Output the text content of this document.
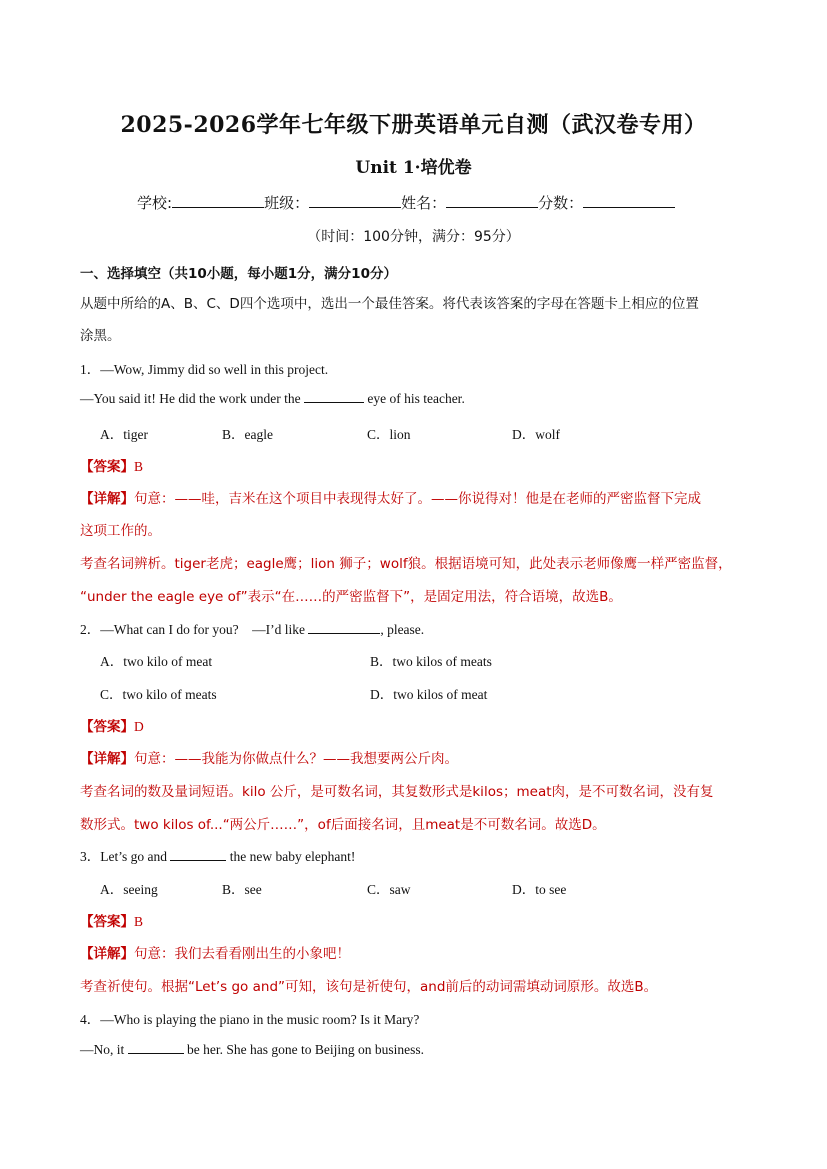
2025-2026学年七年级下册英语单元自测（武汉卷专用）
Unit 1·培优卷
学校:	班级：	姓名：	分数：
（时间：100分钟，满分：95分）
一、选择填空（共10小题，每小题1分，满分10分）
从题中所给的A、B、C、D四个选项中，选出一个最佳答案。将代表该答案的字母在答题卡上相应的位置
涂黑。
1．—Wow, Jimmy did so well in this project.
—You said it! He did the work under the	eye of his teacher.
A．tiger	B．eagle	C．lion	D．wolf
【答案】B
【详解】句意：——哇，吉米在这个项目中表现得太好了。——你说得对！他是在老师的严密监督下完成
这项工作的。
考查名词辨析。tiger老虎；eagle鹰；lion 狮子；wolf狼。根据语境可知，此处表示老师像鹰一样严密监督，
“under the eagle eye of”表示“在……的严密监督下”，是固定用法，符合语境，故选B。
2．—What can I do for you?　—I’d like	, please.
A．two kilo of meat	B．two kilos of meats
C．two kilo of meats	D．two kilos of meat
【答案】D
【详解】句意：——我能为你做点什么？——我想要两公斤肉。
考查名词的数及量词短语。kilo 公斤，是可数名词，其复数形式是kilos；meat肉，是不可数名词，没有复
数形式。two kilos of...“两公斤……”，of后面接名词，且meat是不可数名词。故选D。
3．Let’s go and	the new baby elephant!
A．seeing	B．see	C．saw	D．to see
【答案】B
【详解】句意：我们去看看刚出生的小象吧！
考查祈使句。根据“Let’s go and”可知，该句是祈使句，and前后的动词需填动词原形。故选B。
4．—Who is playing the piano in the music room? Is it Mary?
—No, it	be her. She has gone to Beijing on business.
